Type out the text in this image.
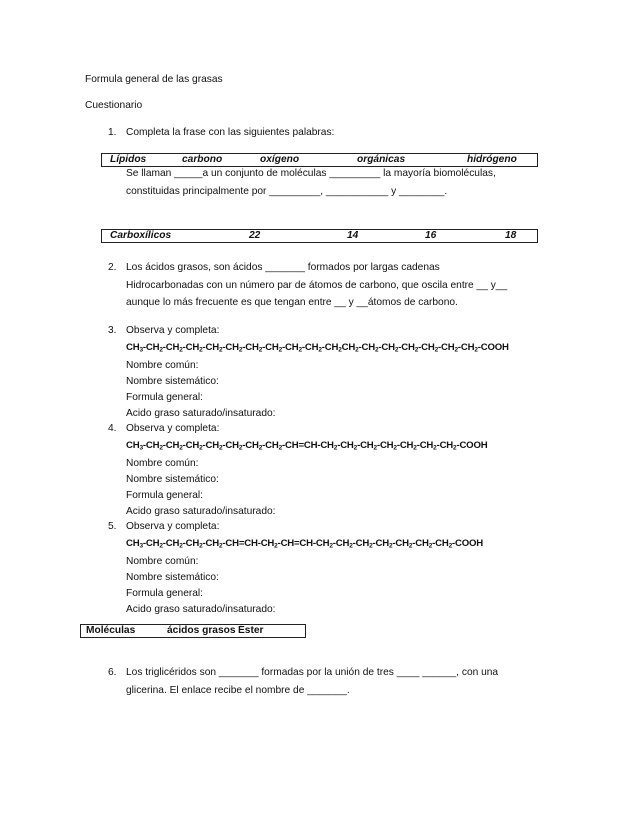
Formula general de las grasas
Cuestionario
1. Completa la frase con las siguientes palabras:
Lípidos	carbono	oxígeno	orgánicas	hidrógeno
Se llaman _____a un conjunto de moléculas _________ la mayoría biomoléculas,
constituidas principalmente por _________, ___________ y ________.
Carboxílicos	22	14	16	18
2. Los ácidos grasos, son ácidos _______ formados por largas cadenas
Hidrocarbonadas con un número par de átomos de carbono, que oscila entre __ y__
aunque lo más frecuente es que tengan entre __ y __átomos de carbono.
3. Observa y completa:
$CH_3-CH_2-CH_2-CH_2-CH_2-CH_2-CH_2-CH_2-CH_2-CH_2-CH_2CH_2-CH_2-CH_2-CH_2-CH_2-CH_2-CH_2$-COOH
Nombre común:
Nombre sistemático:
Formula general:
Acido graso saturado/insaturado:
4. Observa y completa:
$CH_3-CH_2-CH_2-CH_2-CH_2-CH_2-CH_2-CH_2-CH=CH-CH_2-CH_2-CH_2-CH_2-CH_2-CH_2-CH_2$-COOH
Nombre común:
Nombre sistemático:
Formula general:
Acido graso saturado/insaturado:
5. Observa y completa:
$CH_3-CH_2-CH_2-CH_2-CH_2-CH=CH-CH_2-CH=CH-CH_2-CH_2-CH_2-CH_2-CH_2-CH_2-CH_2$-COOH
Nombre común:
Nombre sistemático:
Formula general:
Acido graso saturado/insaturado:
Moléculas	ácidos grasos Éster
6. Los triglicéridos son _______ formadas por la unión de tres ____ ______, con una
glicerina. El enlace recibe el nombre de _______.
